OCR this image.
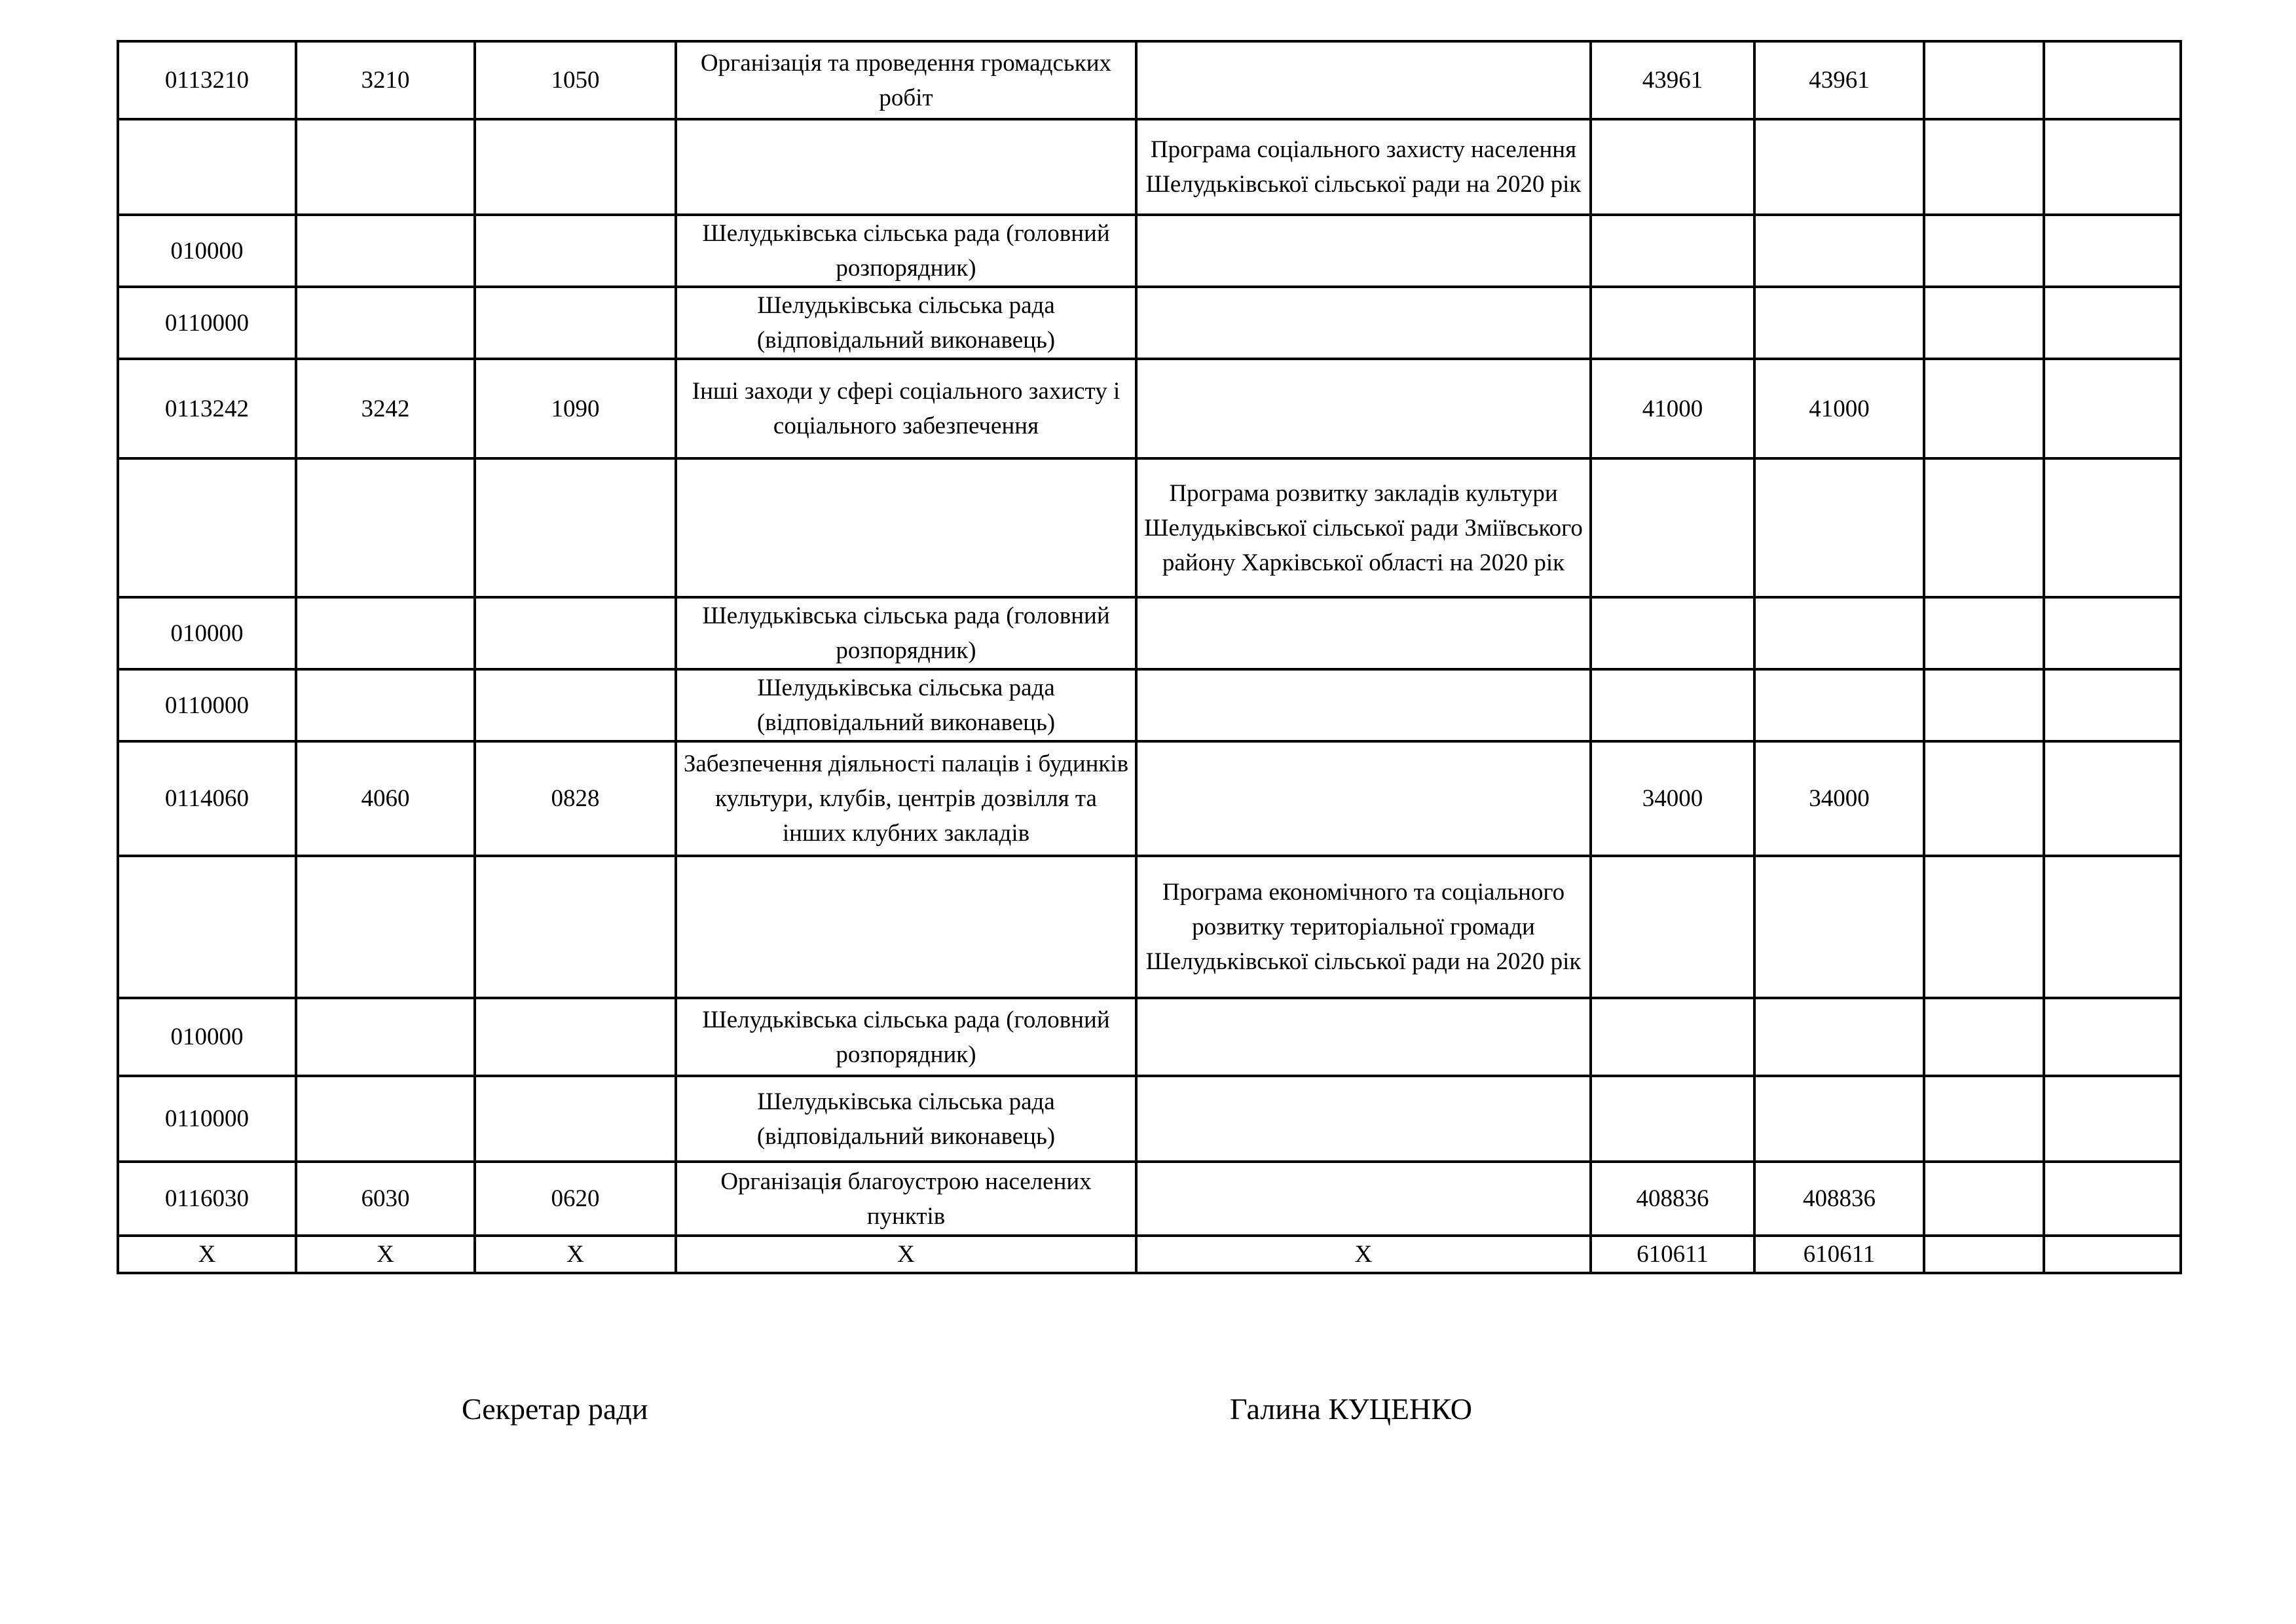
0113210	3210	1050	Організація та проведення громадських робіт		43961	43961		
				Програма соціального захисту населення Шелудьківської сільської ради на 2020 рік				
010000			Шелудьківська сільська рада (головний розпорядник)					
0110000			Шелудьківська сільська рада (відповідальний виконавець)					
0113242	3242	1090	Інші заходи у сфері соціального захисту і соціального забезпечення		41000	41000		
				Програма розвитку закладів культури Шелудьківської сільської ради Зміївського району Харківської області на 2020 рік				
010000			Шелудьківська сільська рада (головний розпорядник)					
0110000			Шелудьківська сільська рада (відповідальний виконавець)					
0114060	4060	0828	Забезпечення діяльності палаців і будинків культури, клубів, центрів дозвілля та інших клубних закладів		34000	34000		
				Програма економічного та соціального розвитку територіальної громади Шелудьківської сільської ради на 2020 рік				
010000			Шелудьківська сільська рада (головний розпорядник)					
0110000			Шелудьківська сільська рада (відповідальний виконавець)					
0116030	6030	0620	Організація благоустрою населених пунктів		408836	408836		
Х	Х	Х	Х	Х	610611	610611		
Секретар ради	Галина КУЦЕНКО
